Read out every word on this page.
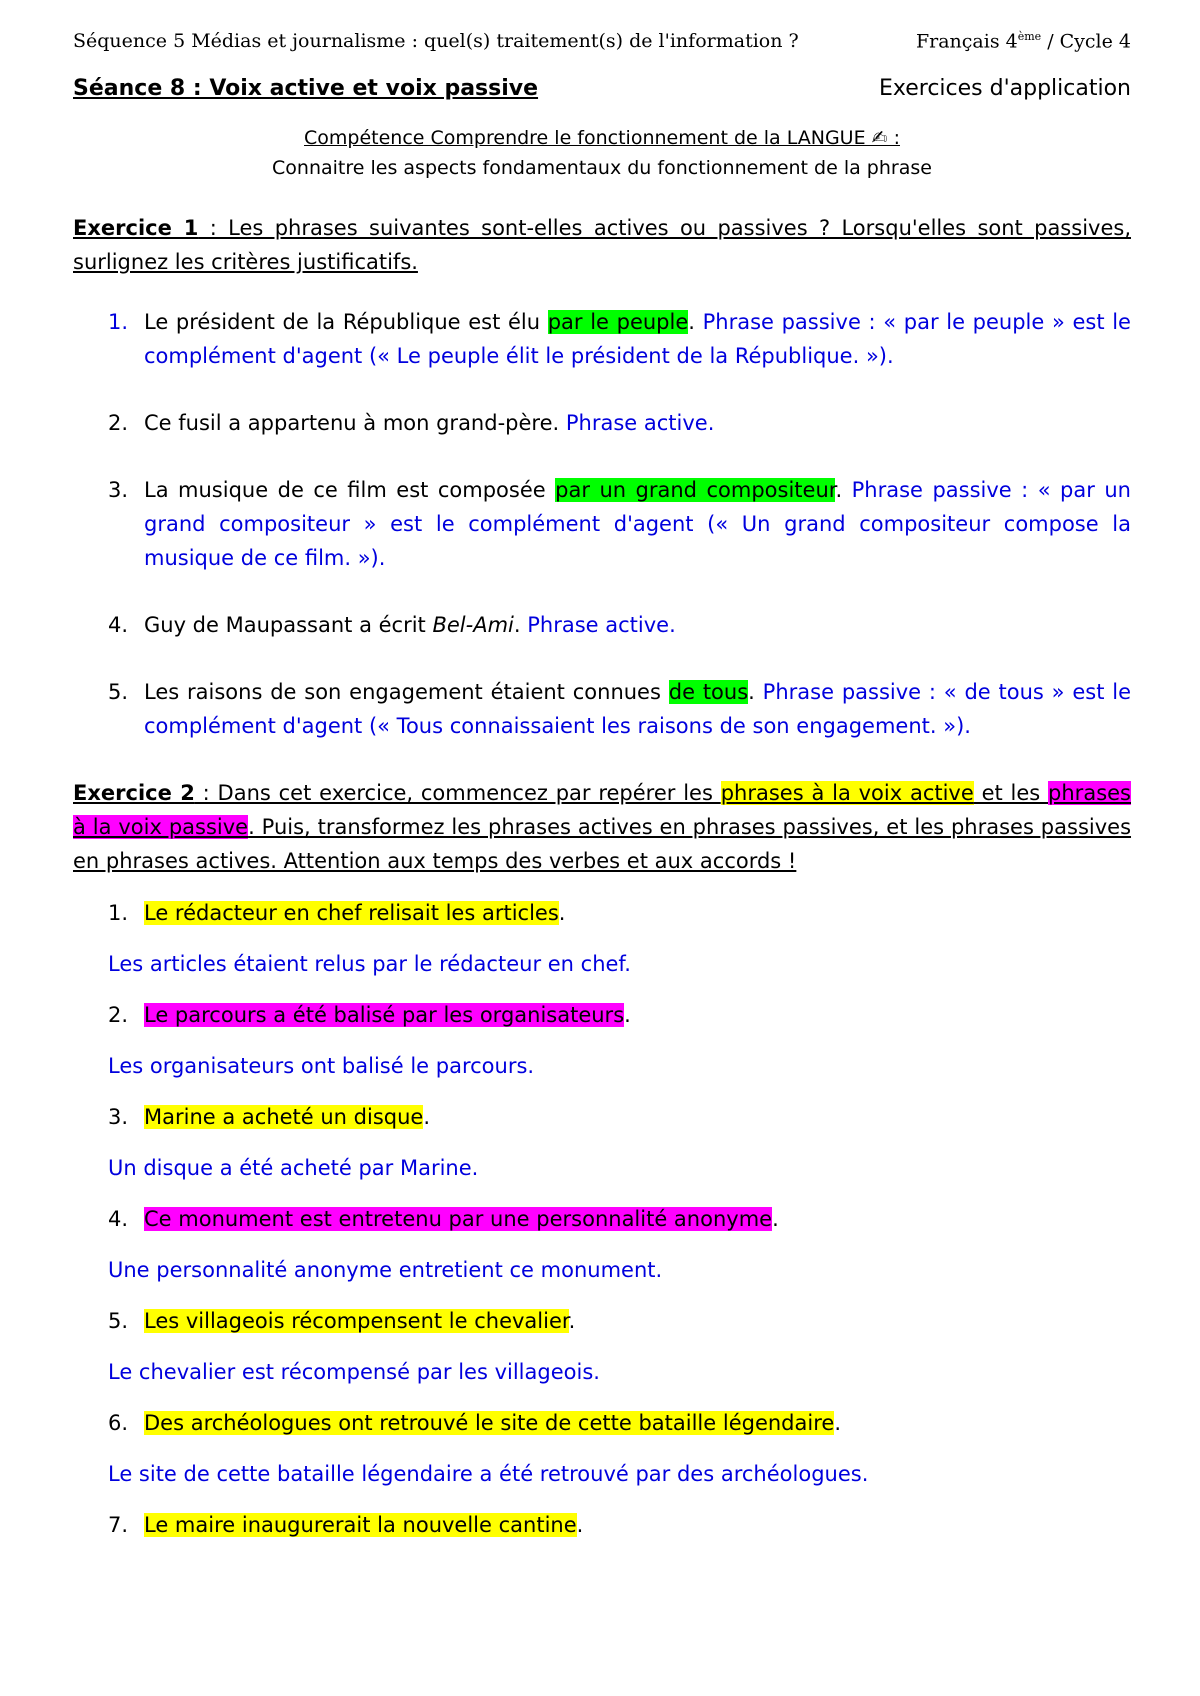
Séquence 5 Médias et journalisme : quel(s) traitement(s) de l'information ?	Français 4ème / Cycle 4
Séance 8 : Voix active et voix passive	Exercices d'application
Compétence Comprendre le fonctionnement de la LANGUE ✍ :
Connaitre les aspects fondamentaux du fonctionnement de la phrase
Exercice 1 : Les phrases suivantes sont-elles actives ou passives ? Lorsqu'elles sont passives, surlignez les critères justificatifs.
1. Le président de la République est élu par le peuple. Phrase passive : « par le peuple » est le complément d'agent (« Le peuple élit le président de la République. »).
2. Ce fusil a appartenu à mon grand-père. Phrase active.
3. La musique de ce film est composée par un grand compositeur. Phrase passive : « par un grand compositeur » est le complément d'agent (« Un grand compositeur compose la musique de ce film. »).
4. Guy de Maupassant a écrit Bel-Ami. Phrase active.
5. Les raisons de son engagement étaient connues de tous. Phrase passive : « de tous » est le complément d'agent (« Tous connaissaient les raisons de son engagement. »).
Exercice 2 : Dans cet exercice, commencez par repérer les phrases à la voix active et les phrases à la voix passive. Puis, transformez les phrases actives en phrases passives, et les phrases passives en phrases actives. Attention aux temps des verbes et aux accords !
1. Le rédacteur en chef relisait les articles.
Les articles étaient relus par le rédacteur en chef.
2. Le parcours a été balisé par les organisateurs.
Les organisateurs ont balisé le parcours.
3. Marine a acheté un disque.
Un disque a été acheté par Marine.
4. Ce monument est entretenu par une personnalité anonyme.
Une personnalité anonyme entretient ce monument.
5. Les villageois récompensent le chevalier.
Le chevalier est récompensé par les villageois.
6. Des archéologues ont retrouvé le site de cette bataille légendaire.
Le site de cette bataille légendaire a été retrouvé par des archéologues.
7. Le maire inaugurerait la nouvelle cantine.
